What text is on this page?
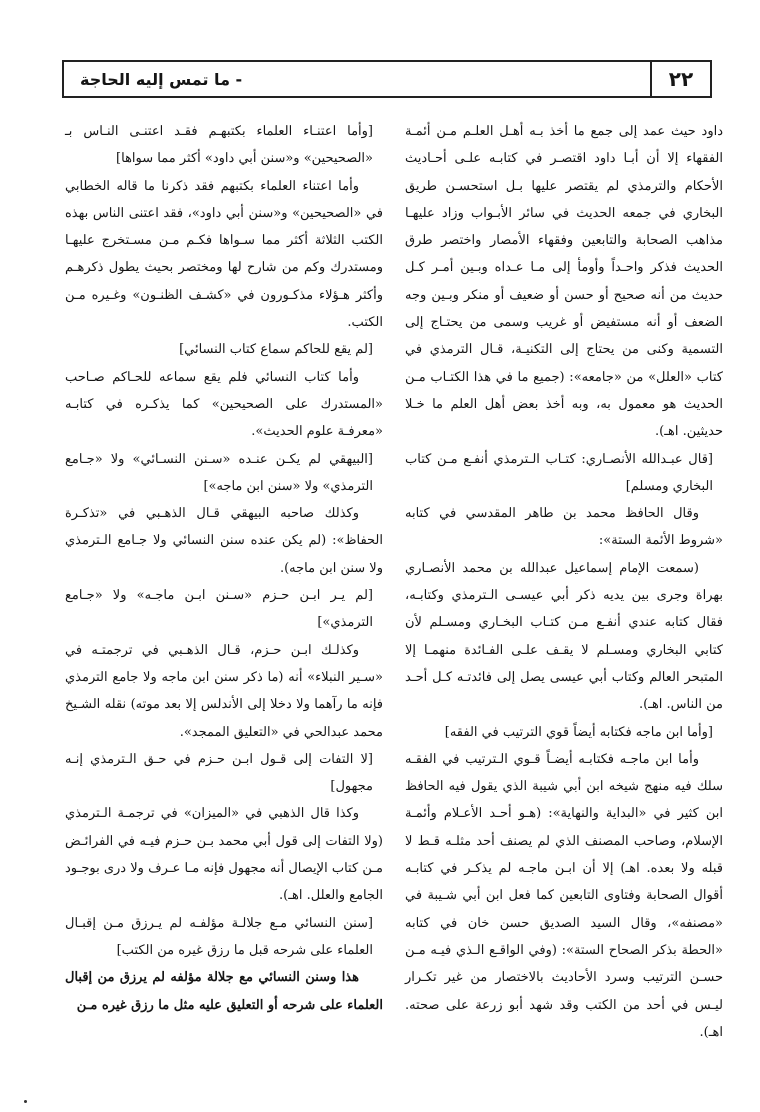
٢٢
- ما تمس إليه الحاجة

داود حيث عمد إلى جمع ما أخذ بـه أهـل العلـم مـن أئمـة الفقهاء إلا أن أبـا داود اقتصـر في كتابـه علـى أحـاديث الأحكام والترمذي لم يقتصر عليها بـل استحسـن طريق البخاري في جمعه الحديث في سائر الأبـواب وزاد عليهـا مذاهب الصحابة والتابعين وفقهاء الأمصار واختصر طرق الحديث فذكر واحـداً وأومأ إلى مـا عـداه وبـين أمـر كـل حديث من أنه صحيح أو حسن أو ضعيف أو منكر وبـين وجه الضعف أو أنه مستفيض أو غريب وسمى من يحتـاج إلى التسمية وكنى من يحتاج إلى التكنيـة، قـال الترمذي في كتاب «العلل» من «جامعه»: (جميع ما في هذا الكتـاب مـن الحديث هو معمول به، وبه أخذ بعض أهل العلم ما خـلا حديثين. اهـ).

[قال عبـدالله الأنصـاري: كتـاب الـترمذي أنفـع مـن كتاب البخاري ومسلم]

وقال الحافظ محمد بن طاهر المقدسي في كتابه «شروط الأئمة الستة»:

(سمعت الإمام إسماعيل عبدالله بن محمد الأنصـاري بهراة وجرى بين يديه ذكر أبي عيسـى الـترمذي وكتابـه، فقال كتابه عندي أنفـع مـن كتـاب البخـاري ومسـلم لأن كتابي البخاري ومسـلم لا يقـف علـى الفـائدة منهمـا إلا المتبحر العالم وكتاب أبي عيسى يصل إلى فائدتـه كـل أحـد من الناس. اهـ).

[وأما ابن ماجه فكتابه أيضاً قوي الترتيب في الفقه]

وأما ابن ماجـه فكتابـه أيضـاً قـوي الـترتيب في الفقـه سلك فيه منهج شيخه ابن أبي شيبة الذي يقول فيه الحافظ ابن كثير في «البداية والنهاية»: (هـو أحـد الأعـلام وأئمـة الإسلام، وصاحب المصنف الذي لم يصنف أحد مثلـه قـط لا قبله ولا بعده. اهـ) إلا أن ابـن ماجـه لم يذكـر في كتابـه أقوال الصحابة وفتاوى التابعين كما فعل ابن أبي شـيبة في «مصنفه»، وقال السيد الصديق حسن خان في كتابه «الحطة بذكر الصحاح الستة»: (وفي الواقـع الـذي فيـه مـن حسـن الترتيب وسرد الأحاديث بالاختصار من غير تكـرار ليـس في أحد من الكتب وقد شهد أبو زرعة على صحته. اهـ).

[وأما اعتنـاء العلماء بكتبهـم فقـد اعتنـى النـاس بـ «الصحيحين» و«سنن أبي داود» أكثر مما سواها]

وأما اعتناء العلماء بكتبهم فقد ذكرنا ما قاله الخطابي في «الصحيحين» و«سنن أبي داود»، فقد اعتنى الناس بهذه الكتب الثلاثة أكثر مما سـواها فكـم مـن مسـتخرج عليهـا ومستدرك وكم من شارح لها ومختصر بحيث يطول ذكرهـم وأكثر هـؤلاء مذكـورون في «كشـف الظنـون» وغـيره مـن الكتب.

[لم يقع للحاكم سماع كتاب النسائي]

وأما كتاب النسائي فلم يقع سماعه للحـاكم صـاحب «المستدرك على الصحيحين» كما يذكـره في كتابـه «معرفـة علوم الحديث».

[البيهقي لم يكـن عنـده «سـنن النسـائي» ولا «جـامع الترمذي» ولا «سنن ابن ماجه»]

وكذلك صاحبه البيهقي قـال الذهـبي في «تذكـرة الحفاظ»: (لم يكن عنده سنن النسائي ولا جـامع الـترمذي ولا سنن ابن ماجه).

[لم يـر ابـن حـزم «سـنن ابـن ماجـه» ولا «جـامع الترمذي»]

وكذلـك ابـن حـزم، قـال الذهـبي في ترجمتـه في «سـير النبلاء» أنه (ما ذكر سنن ابن ماجه ولا جامع الترمذي فإنه ما رآهما ولا دخلا إلى الأندلس إلا بعد موته) نقله الشـيخ محمد عبدالحي في «التعليق الممجد».

[لا التفات إلى قـول ابـن حـزم في حـق الـترمذي إنـه مجهول]

وكذا قال الذهبي في «الميزان» في ترجمـة الـترمذي (ولا التفات إلى قول أبي محمد بـن حـزم فيـه في الفرائـض مـن كتاب الإيصال أنه مجهول فإنه مـا عـرف ولا درى بوجـود الجامع والعلل. اهـ).

[سنن النسائي مـع جلالـة مؤلفـه لم يـرزق مـن إقبـال العلماء على شرحه قبل ما رزق غيره من الكتب]

هذا وسنن النسائي مع جلالة مؤلفه لم يرزق من إقبال العلماء على شرحه أو التعليق عليه مثل ما رزق غيره مـن
